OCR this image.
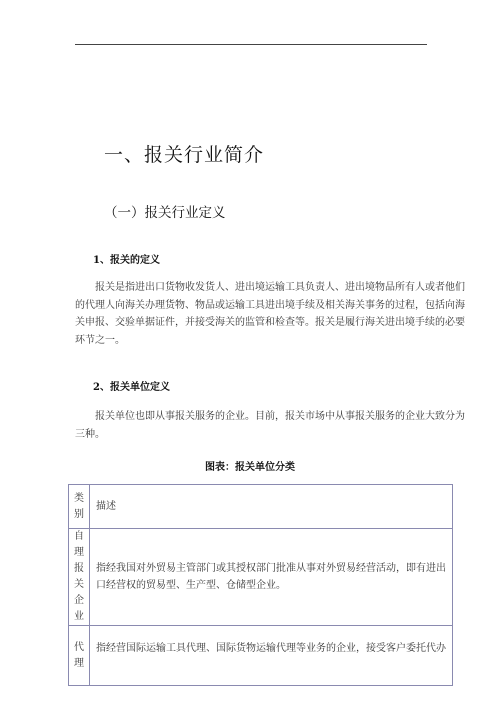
一、报关行业简介
（一）报关行业定义
1、报关的定义
报关是指进出口货物收发货人、进出境运输工具负责人、进出境物品所有人或者他们
的代理人向海关办理货物、物品或运输工具进出境手续及相关海关事务的过程，包括向海
关申报、交验单据证件，并接受海关的监管和检查等。报关是履行海关进出境手续的必要
环节之一。
2、报关单位定义
报关单位也即从事报关服务的企业。目前，报关市场中从事报关服务的企业大致分为
三种。
图表：报关单位分类
类别	描述
自理报关企业	指经我国对外贸易主管部门或其授权部门批准从事对外贸易经营活动，即有进出口经营权的贸易型、生产型、仓储型企业。
代理	指经营国际运输工具代理、国际货物运输代理等业务的企业，接受客户委托代办
